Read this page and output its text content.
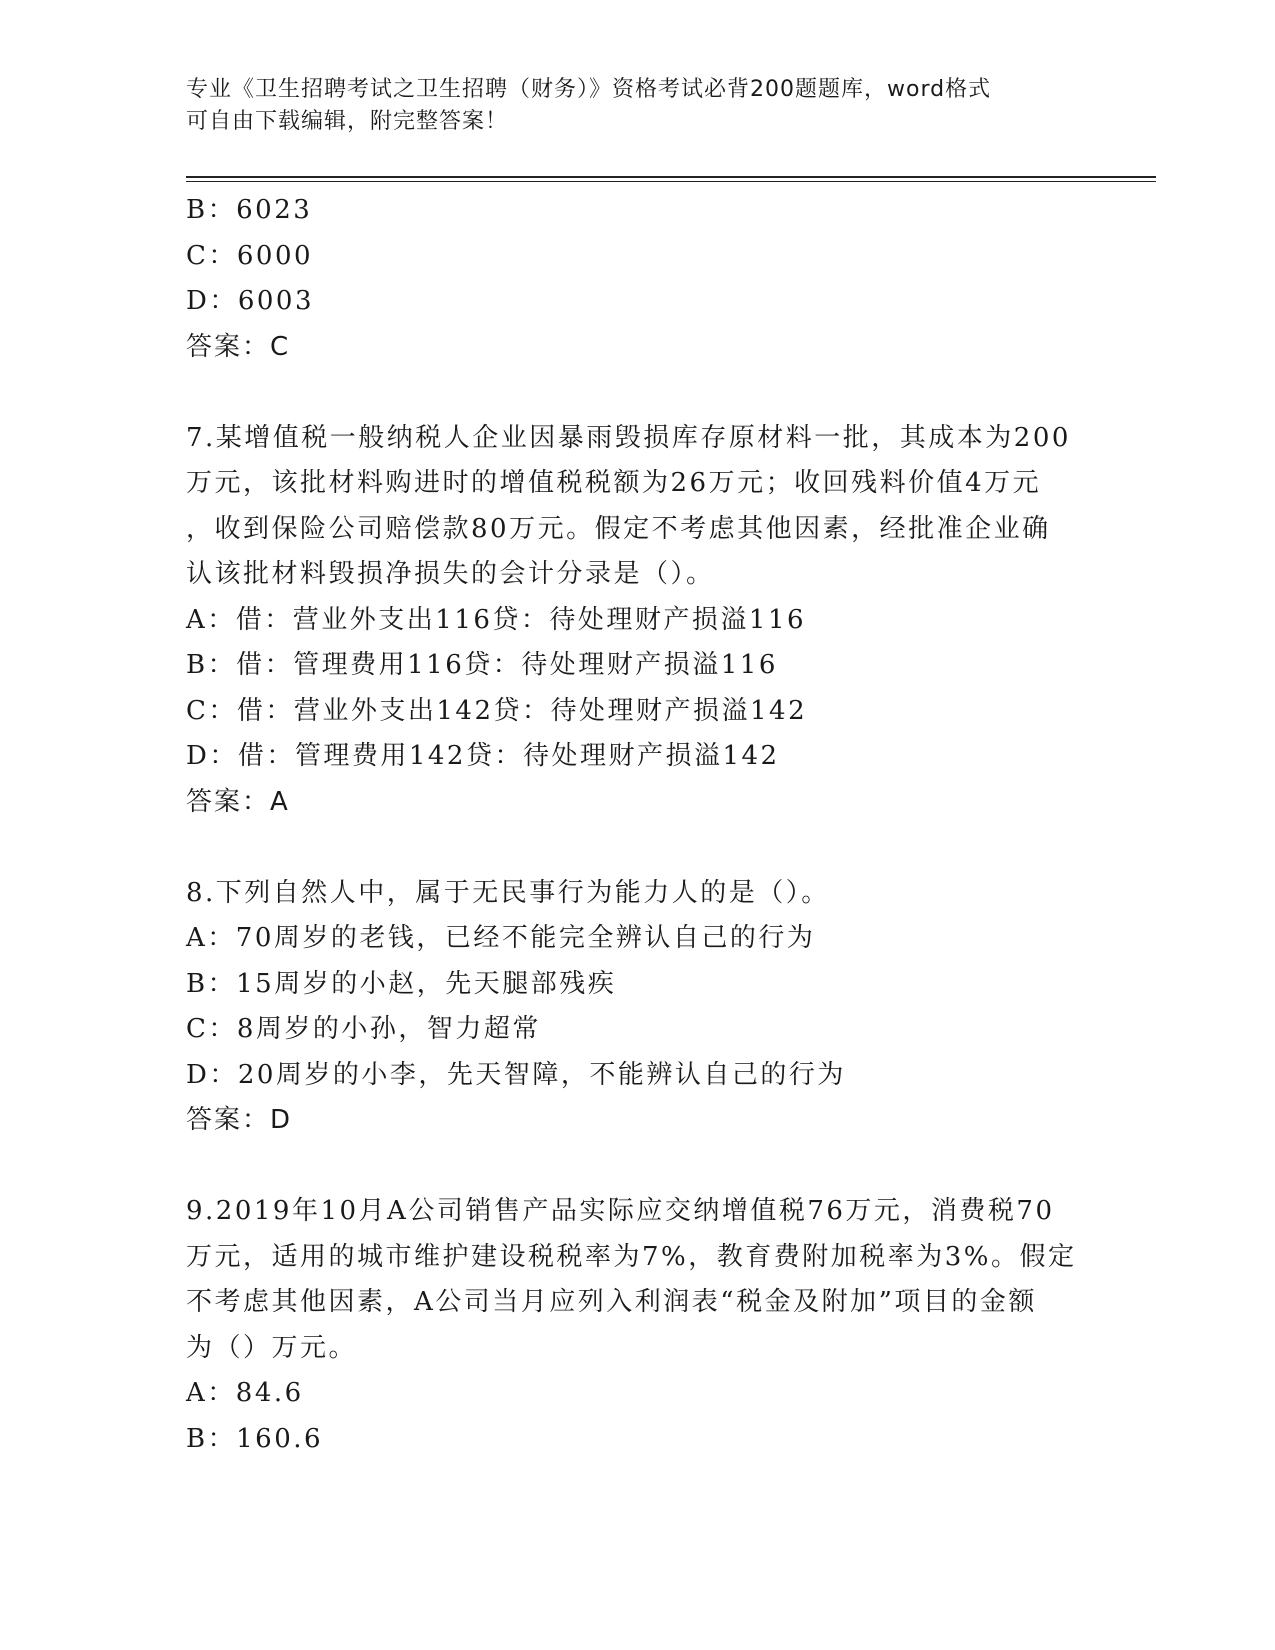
专业《卫生招聘考试之卫生招聘（财务）》资格考试必背200题题库，word格式
可自由下载编辑，附完整答案！
B：6023
C：6000
D：6003
答案：C
7.某增值税一般纳税人企业因暴雨毁损库存原材料一批，其成本为200
万元，该批材料购进时的增值税税额为26万元；收回残料价值4万元
，收到保险公司赔偿款80万元。假定不考虑其他因素，经批准企业确
认该批材料毁损净损失的会计分录是（）。
A：借：营业外支出116贷：待处理财产损溢116
B：借：管理费用116贷：待处理财产损溢116
C：借：营业外支出142贷：待处理财产损溢142
D：借：管理费用142贷：待处理财产损溢142
答案：A
8.下列自然人中，属于无民事行为能力人的是（）。
A：70周岁的老钱，已经不能完全辨认自己的行为
B：15周岁的小赵，先天腿部残疾
C：8周岁的小孙，智力超常
D：20周岁的小李，先天智障，不能辨认自己的行为
答案：D
9.2019年10月A公司销售产品实际应交纳增值税76万元，消费税70
万元，适用的城市维护建设税税率为7%，教育费附加税率为3%。假定
不考虑其他因素，A公司当月应列入利润表“税金及附加”项目的金额
为（）万元。
A：84.6
B：160.6
